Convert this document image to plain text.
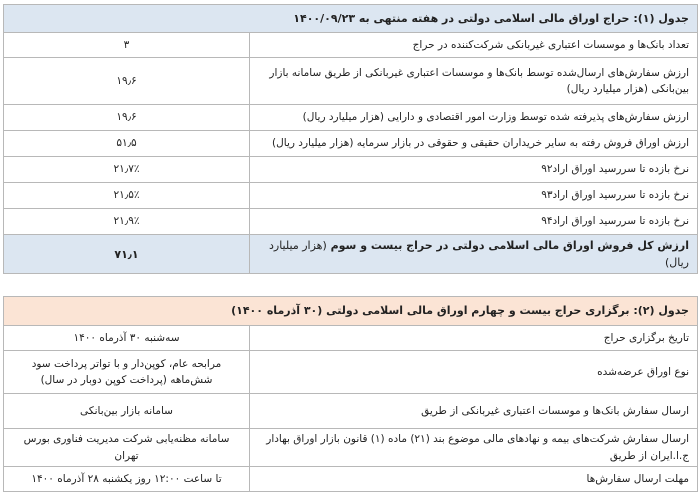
جدول (۱): حراج اوراق مالی اسلامی دولتی در هفته منتهی به ۱۴۰۰/۰۹/۲۳	
تعداد بانک‌ها و موسسات اعتباری غیربانکی شرکت‌کننده در حراج	۳
ارزش سفارش‌های ارسال‌شده توسط بانک‌ها و موسسات اعتباری غیربانکی از طریق سامانه بازار بین‌بانکی (هزار میلیارد ریال)	۱۹٫۶
ارزش سفارش‌های پذیرفته شده توسط وزارت امور اقتصادی و دارایی (هزار میلیارد ریال)	۱۹٫۶
ارزش اوراق فروش رفته به سایر خریداران حقیقی و حقوقی در بازار سرمایه (هزار میلیارد ریال)	۵۱٫۵
نرخ بازده تا سررسید اوراق اراد۹۲	۲۱٫۷٪
نرخ بازده تا سررسید اوراق اراد۹۳	۲۱٫۵٪
نرخ بازده تا سررسید اوراق اراد۹۴	۲۱٫۹٪
ارزش کل فروش اوراق مالی اسلامی دولتی در حراج بیست و سوم (هزار میلیارد ریال)	۷۱٫۱
جدول (۲): برگزاری حراج بیست و چهارم اوراق مالی اسلامی دولتی (۳۰ آذرماه ۱۴۰۰)	
تاریخ برگزاری حراج	سه‌شنبه ۳۰ آذرماه ۱۴۰۰
نوع اوراق عرضه‌شده	مرابحه عام، کوپن‌دار و با تواتر پرداخت سود شش‌ماهه (پرداخت کوپن دوبار در سال)
ارسال سفارش بانک‌ها و موسسات اعتباری غیربانکی از طریق	سامانه بازار بین‌بانکی
ارسال سفارش شرکت‌های بیمه و نهادهای مالی موضوع بند (۲۱) ماده (۱) قانون بازار اوراق بهادار ج.ا.ایران از طریق	سامانه مظنه‌یابی شرکت مدیریت فناوری بورس تهران
مهلت ارسال سفارش‌ها	تا ساعت ۱۲:۰۰ روز یکشنبه ۲۸ آذرماه ۱۴۰۰
